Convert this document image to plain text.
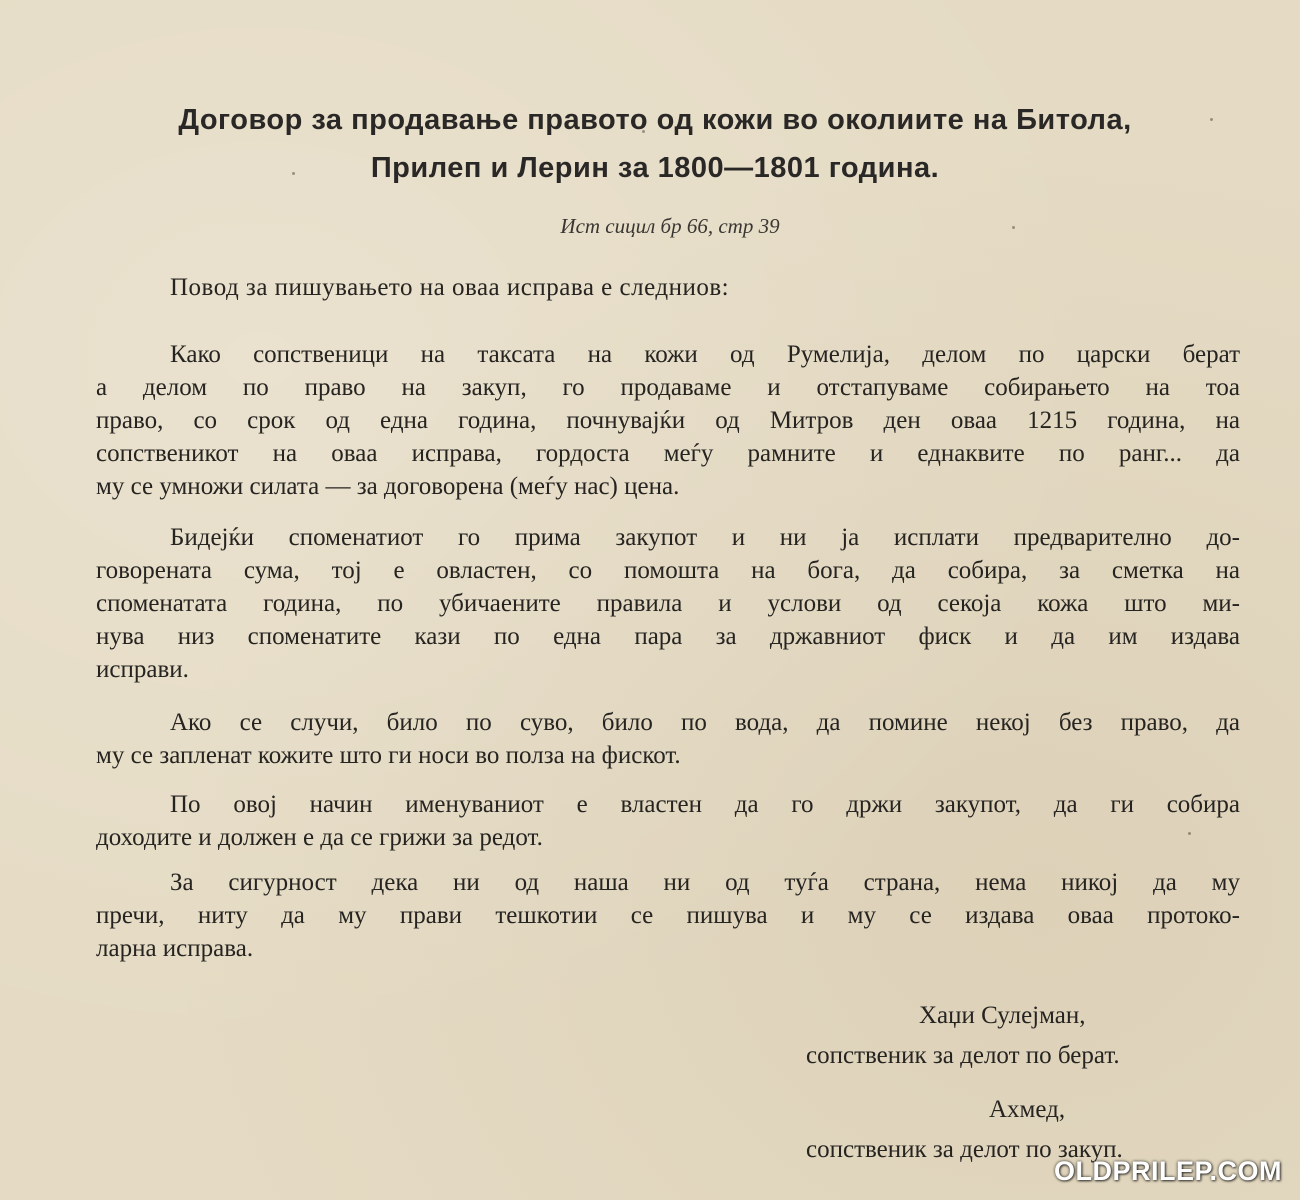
Договор за продавање правото од кожи во околиите на Битола,
Прилеп и Лерин за 1800—1801 година.
Ист сицил бр 66, стр 39
Повод за пишувањето на оваа исправа е следниов:
Како сопственици на таксата на кожи од Румелија, делом по царски берат
а делом по право на закуп, го продаваме и отстапуваме собирањето на тоа
право, со срок од една година, почнувајќи од Митров ден оваа 1215 година, на
сопственикот на оваа исправа, гордоста меѓу рамните и еднаквите по ранг... да
му се умножи силата — за договорена (меѓу нас) цена.
Бидејќи споменатиот го прима закупот и ни ја исплати предварително до-
говорената сума, тој е овластен, со помошта на бога, да собира, за сметка на
споменатата година, по убичаените правила и услови од секоја кожа што ми-
нува низ споменатите кази по една пара за државниот фиск и да им издава
исправи.
Ако се случи, било по суво, било по вода, да помине некој без право, да
му се запленат кожите што ги носи во полза на фискот.
По овој начин именуваниот е властен да го држи закупот, да ги собира
доходите и должен е да се грижи за редот.
За сигурност дека ни од наша ни од туѓа страна, нема никој да му
пречи, ниту да му прави тешкотии се пишува и му се издава оваа протоко-
ларна исправа.
Хаџи Сулејман,
сопственик за делот по берат.
Ахмед,
сопственик за делот по закуп.
OLDPRILEP.COM
